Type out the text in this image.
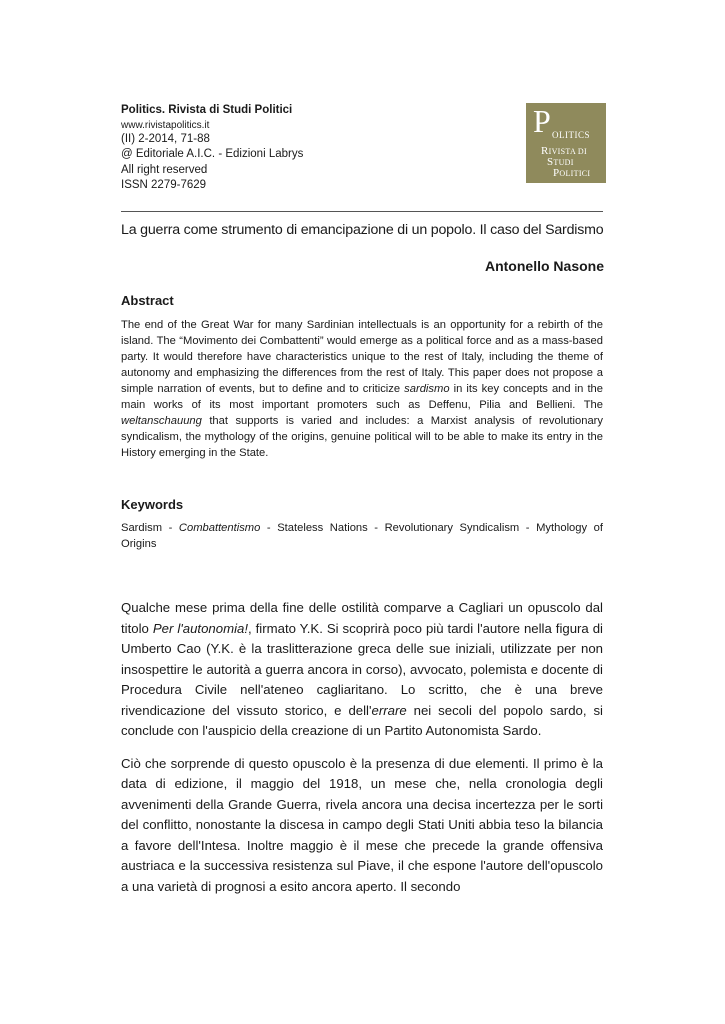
Politics. Rivista di Studi Politici
www.rivistapolitics.it
(II) 2-2014, 71-88
@ Editoriale A.I.C. - Edizioni Labrys
All right reserved
ISSN 2279-7629
P OLITICS
RIVISTA DI
STUDI
POLITICI
La guerra come strumento di emancipazione di un popolo. Il caso del Sardismo
Antonello Nasone
Abstract
The end of the Great War for many Sardinian intellectuals is an opportunity for a rebirth of the island. The “Movimento dei Combattenti” would emerge as a political force and as a mass-based party. It would therefore have characteristics unique to the rest of Italy, including the theme of autonomy and emphasizing the differences from the rest of Italy. This paper does not propose a simple narration of events, but to define and to criticize sardismo in its key concepts and in the main works of its most important promoters such as Deffenu, Pilia and Bellieni. The weltanschauung that supports is varied and includes: a Marxist analysis of revolutionary syndicalism, the mythology of the origins, genuine political will to be able to make its entry in the History emerging in the State.
Keywords
Sardism - Combattentismo - Stateless Nations - Revolutionary Syndicalism - Mythology of Origins

Qualche mese prima della fine delle ostilità comparve a Cagliari un opuscolo dal titolo Per l'autonomia!, firmato Y.K. Si scoprirà poco più tardi l'autore nella figura di Umberto Cao (Y.K. è la traslitterazione greca delle sue iniziali, utilizzate per non insospettire le autorità a guerra ancora in corso), avvocato, polemista e docente di Procedura Civile nell'ateneo cagliaritano. Lo scritto, che è una breve rivendicazione del vissuto storico, e dell'errare nei secoli del popolo sardo, si conclude con l'auspicio della creazione di un Partito Autonomista Sardo.

Ciò che sorprende di questo opuscolo è la presenza di due elementi. Il primo è la data di edizione, il maggio del 1918, un mese che, nella cronologia degli avvenimenti della Grande Guerra, rivela ancora una decisa incertezza per le sorti del conflitto, nonostante la discesa in campo degli Stati Uniti abbia teso la bilancia a favore dell'Intesa. Inoltre maggio è il mese che precede la grande offensiva austriaca e la successiva resistenza sul Piave, il che espone l'autore dell'opuscolo a una varietà di prognosi a esito ancora aperto. Il secondo
